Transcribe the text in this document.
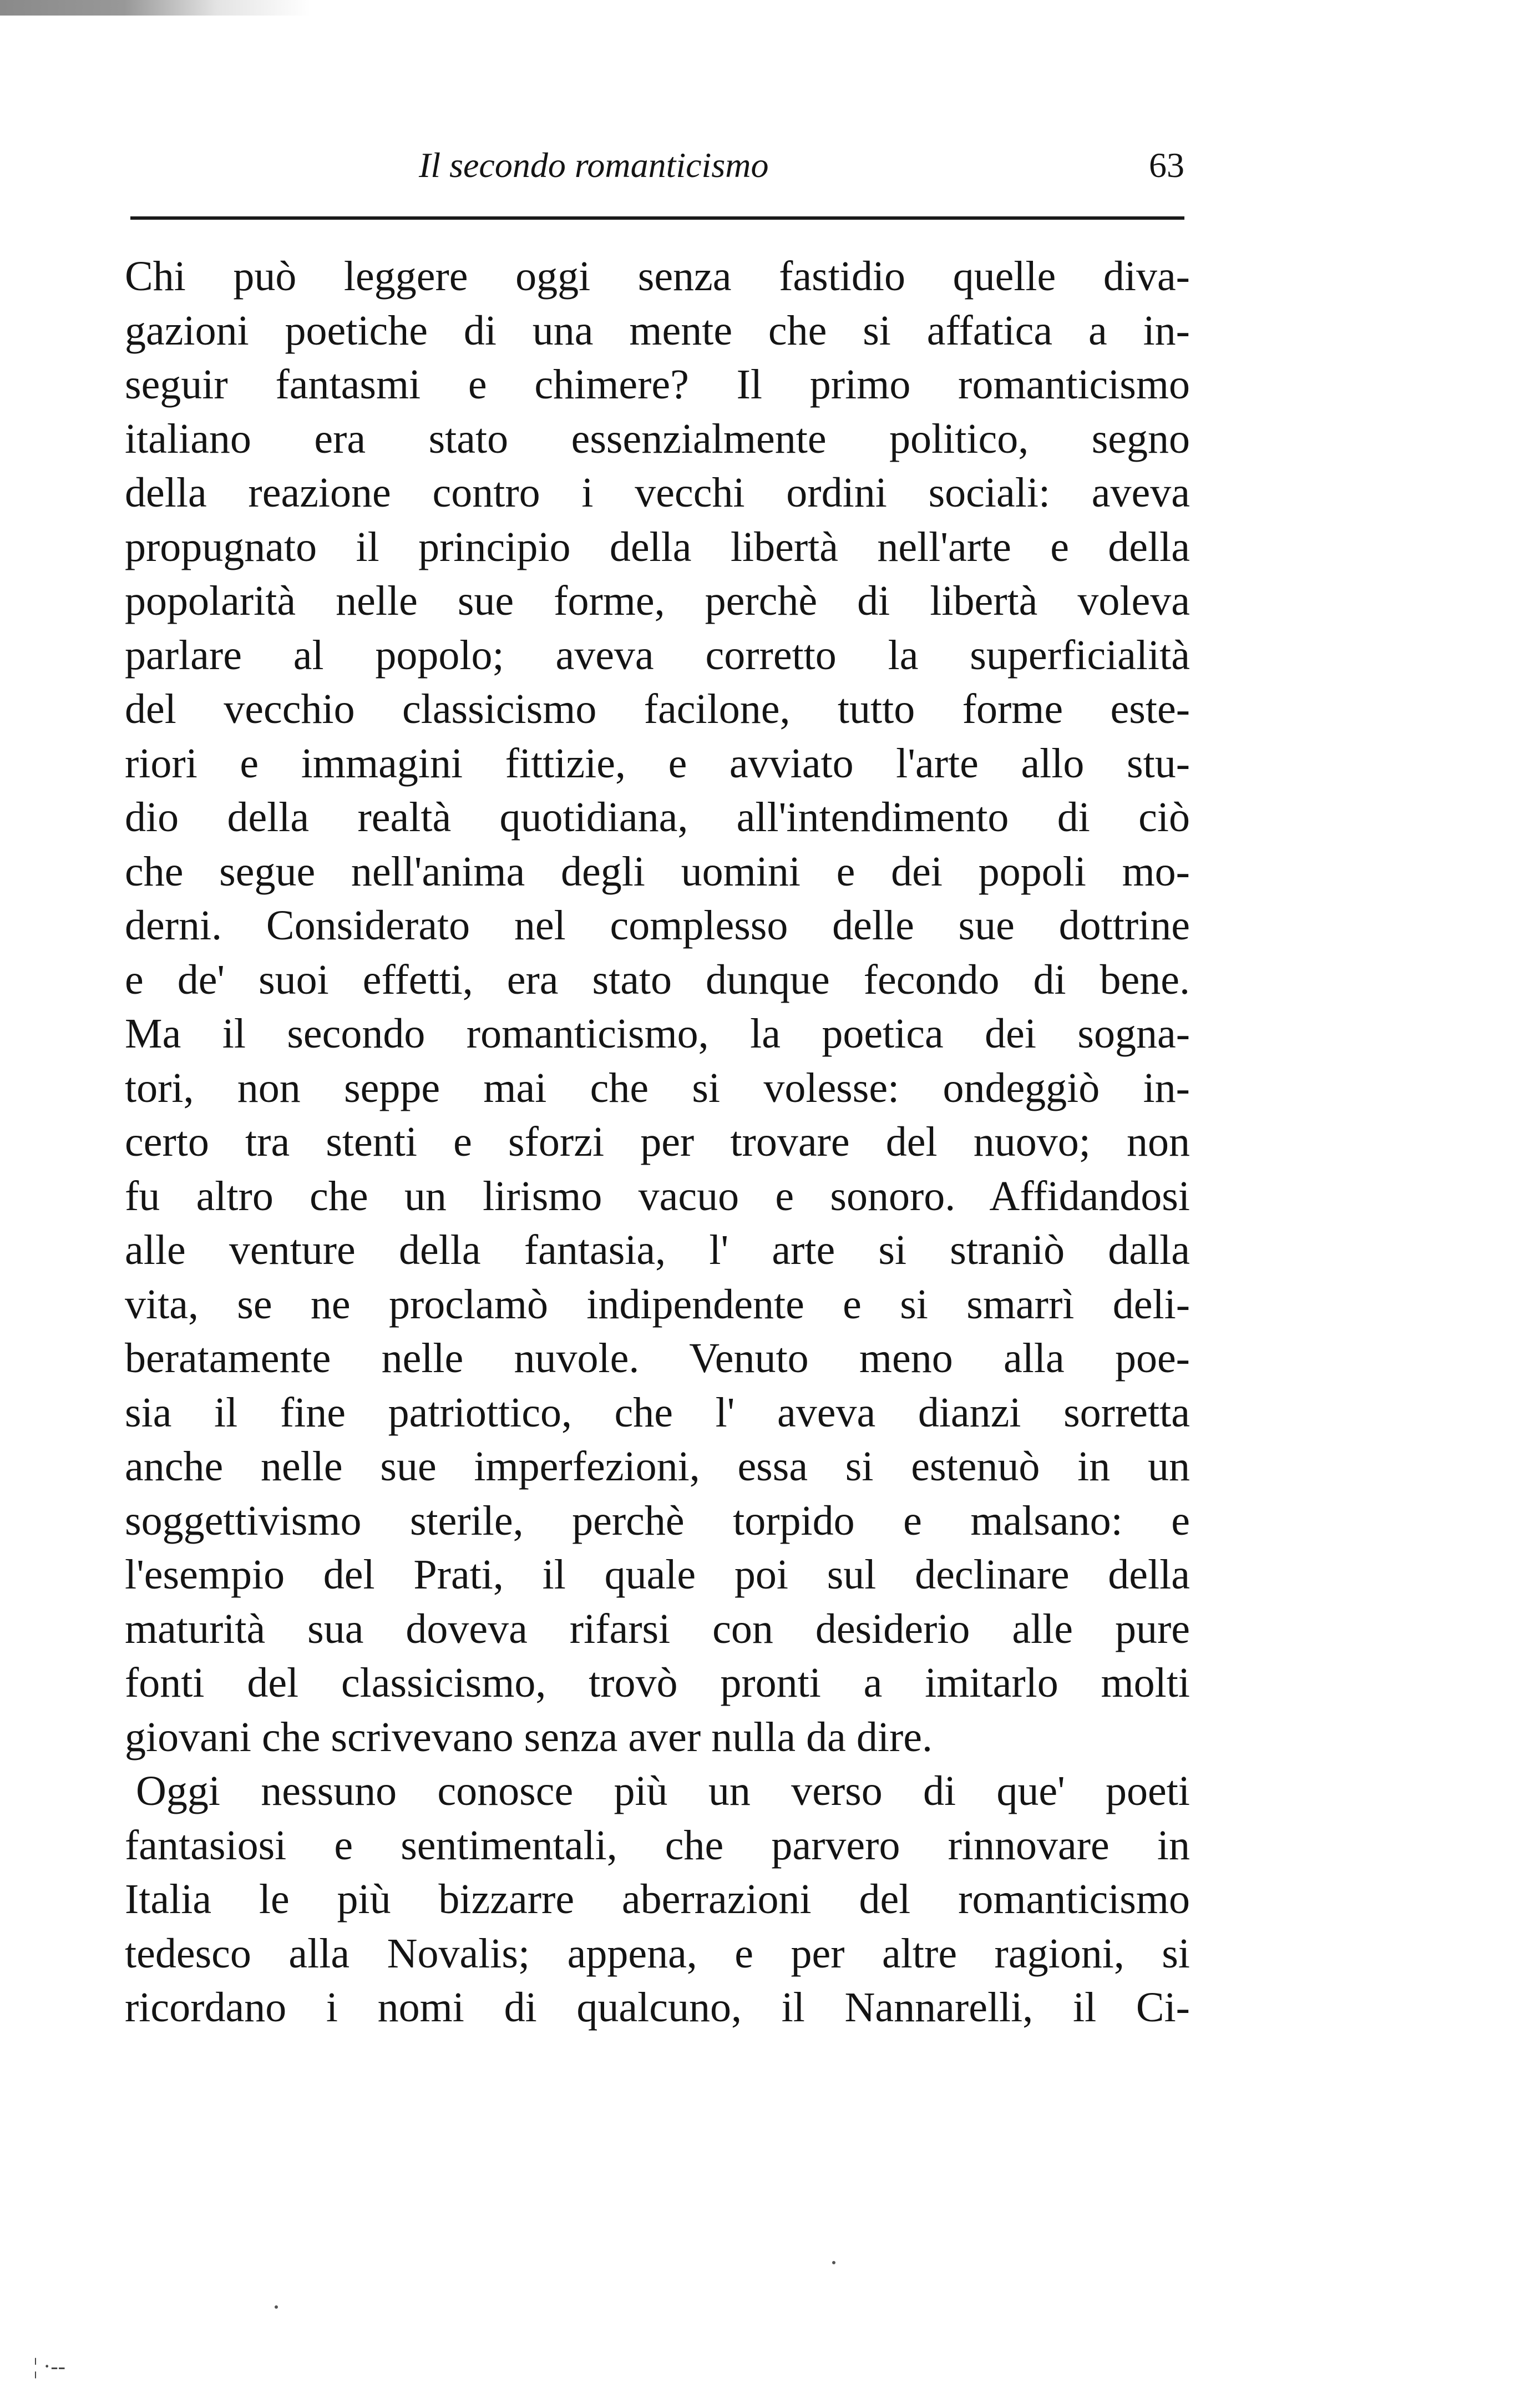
Il secondo romanticismo	63
Chi può leggere oggi senza fastidio quelle diva-
gazioni poetiche di una mente che si affatica a in-
seguir fantasmi e chimere? Il primo romanticismo
italiano era stato essenzialmente politico, segno
della reazione contro i vecchi ordini sociali: aveva
propugnato il principio della libertà nell'arte e della
popolarità nelle sue forme, perchè di libertà voleva
parlare al popolo; aveva corretto la superficialità
del vecchio classicismo facilone, tutto forme este-
riori e immagini fittizie, e avviato l'arte allo stu-
dio della realtà quotidiana, all'intendimento di ciò
che segue nell'anima degli uomini e dei popoli mo-
derni. Considerato nel complesso delle sue dottrine
e de' suoi effetti, era stato dunque fecondo di bene.
Ma il secondo romanticismo, la poetica dei sogna-
tori, non seppe mai che si volesse: ondeggiò in-
certo tra stenti e sforzi per trovare del nuovo; non
fu altro che un lirismo vacuo e sonoro. Affidandosi
alle venture della fantasia, l' arte si straniò dalla
vita, se ne proclamò indipendente e si smarrì deli-
beratamente nelle nuvole. Venuto meno alla poe-
sia il fine patriottico, che l' aveva dianzi sorretta
anche nelle sue imperfezioni, essa si estenuò in un
soggettivismo sterile, perchè torpido e malsano: e
l'esempio del Prati, il quale poi sul declinare della
maturità sua doveva rifarsi con desiderio alle pure
fonti del classicismo, trovò pronti a imitarlo molti
giovani che scrivevano senza aver nulla da dire.
Oggi nessuno conosce più un verso di que' poeti
fantasiosi e sentimentali, che parvero rinnovare in
Italia le più bizzarre aberrazioni del romanticismo
tedesco alla Novalis; appena, e per altre ragioni, si
ricordano i nomi di qualcuno, il Nannarelli, il Ci-
¦ ·‐‐
